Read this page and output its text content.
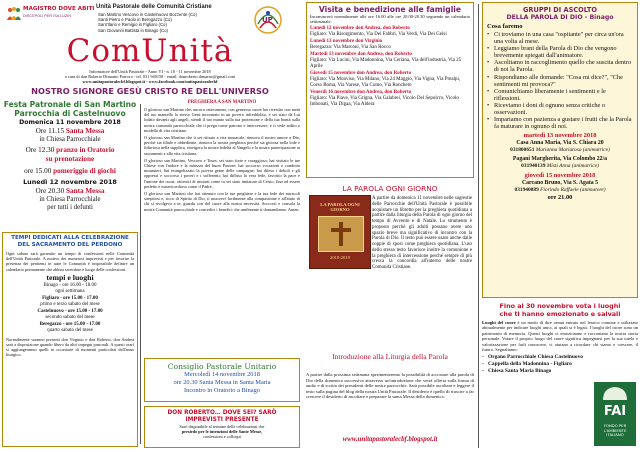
MAGISTRO DOVE ABITI
DISCEPOLI PER ISA LUZIN
Unità Pastorale delle Comunità Cristiane
San Martino Vescovo in Castelnuovo Bozzente (Co)
Santi Pietro e Paolo in Beregazzo (Co)
Sant'Ilario e Remigio in Figliaro (Co)
San Giovanni Battista in Binago (Co)
UP
ComUnità
Informatore dell'Unità Pastorale - Anno VI - n. 10 - 11 novembre 2018
a cura di don Roberto Dimarno Parroco - tel. 031 940158 - email: donroberto.dimarno@gmail.com
www.unitapastoralecbf.blogspot.it - www.facebook.com/unitapastoralecbf
NOSTRO SIGNORE GESÙ CRISTO RE DELL'UNIVERSO
Festa Patronale di San Martino
Parrocchia di Castelnuovo
Domenica 11 novembre 2018
Ore 11.15 Santa Messa
in Chiesa Parrocchiale
Ore 12.30 pranzo in Oratorio
su prenotazione
ore 15.00 pomeriggio di giochi
Lunedì 12 novembre 2018
Ore 20.30 Santa Messa
in Chiesa Parrocchiale
per tutti i defunti
TEMPI DEDICATI ALLA CELEBRAZIONE DEL SACRAMENTO DEL PERDONO

Ogni sabato sarà garantito un tempo di confessioni nelle Comunità dell'Unità Pastorale. A motivo dei numerosi imprevisti e per favorire la presenza dei penitenti in tutte le Comunità è impossibile definire un calendario permanente che abbini sacerdote e luogo delle confessioni.

tempi e luoghi
Binago - ore 16.00 - 18.00
ogni settimana
Figliaro - ore 15.00 - 17.00
primo e terzo sabato del mese
Castelnuovo - ore 15.00 - 17.00
secondo sabato del mese
Beregazzo - ore 15.00 - 17.00
quarto sabato del mese

Normalmente saranno presenti don Virginio e don Roberto, don Andrea sarà a disposizione quando libero da altri impegni pastorali. A questi orari si aggiungeranno quelli in occasione di momenti particolari dell'anno liturgico.

PREGHIERA A SAN MARTINO

O glorioso san Martino che, ancora catecumeno, con generoso cuore hai rivestito con metà del tuo mantello lo stesso Gesù incontrato in un povero infreddolito, e sei stato da Lui lodato davanti agli angeli, stendi il tuo manto sulla tua protezione e della tua bontà sulla nostra comunità parrocchiale che ti prega come patrono e intercessore, e ti vede ardito e modello di vita cristiana.

O glorioso san Martino che ti sei ritirato a vita monacale, rinnova il nostro amore a Dio, perché sia filiale e obbediente, rinnova la nostra preghiera perché sia gioiosa nella lode e fiduciosa nella supplica, rinvigora la nostra fedeltà al Vangelo e la nostra partecipazione ai sacramenti e alla vita cristiana.

O glorioso san Martino, Vescovo e Tours, sei stato forte e coraggioso; hai visitato le tue Chiese con l'ardore e la mitezza del buon Pastore; hai soccorso vocazioni e condotto monasteri, hai evangelizzato la povera gente delle campagne; hai difeso i deboli e gli oppressi e soccorso i poveri e i sofferenti; hai diffuso la vera fede, favorito la pace e l'unione dei cuori; ottienici di imitarti come tu sei stato imitatore di Cristo, fino ad essere perfetto e misericordioso come il Padre.

O glorioso san Martino che hai ottenuto con le tue preghiere e la tua fede dei miracoli strepitosi e, ricco di Spirito di Dio, ti muovevi facilmente alla compassione e all'aiuto di chi si rivolgeva a te, guarda con dol cuore alla nostra necessità. Soccorri e consola la nostra Comunità parrocchiale e concedici i benefici che umilmente ti domandiamo. Amen.

Consiglio Pastorale Unitario
Mercoledì 14 novembre 2018
ore 20.30 Santa Messa in Santa Maria
Incontro in Oratorio a Binago
DON ROBERTO… DOVE SEI? SARÒ
IMPREVISTI PRESENTE
Sarò disponibile al termine delle celebrazioni che
presiedo per le intenzioni delle Sante Messe,
confessioni e colloqui
Visita e benedizione alle famiglie

Incomincerò normalmente alle ore 16.00 alle ore 20.00-20.30 seguendo un calendario settimanale.

Lunedì 12 novembre don Andrea, don Roberto
Figliaro: Via Risorgimento, Via Dei Fabbri, Via Verdi, Via Dei Gelsi
Lunedì 13 novembre don Virginio
Beregazzo: Via Marconi, Via San Rocco
Martedì 13 novembre don Andrea, don Roberto
Figliaro: Via Lucini, Via Madonnina, Via Ceriana, Via dell'industria, Via 25 Aprile
Giovedì 15 novembre don Andrea, don Roberto
Figliaro: Via Monviso, Via Milano, Via 24 Maggio, Via Vigna, Via Prealpi, Corso Roma, Via Varese, Via Como, Via Roncheto
Venerdì 16 novembre don Andrea, don Roberto
Figliaro: Via Piave, Via Grigna, Via Galabrei, Vicolo Del Sepolcro, Vicolo Imbonati, Via Digaa, Via Aldera
LA PAROLA OGNI GIORNO
LA PAROLA OGNI GIORNO
2018-2019

A partire da domenica 11 novembre nelle sagrestie delle Parrocchie dell'Unità Pastorale è possibile acquistare un libretto per la preghiera quotidiana a partire dalla liturgia della Parola di ogni giorno del tempo di Avvento e di Natale. Lo strumento è proposto perché gli adulti possano avere uno spazio breve ma significativo di incontro con la Parola di Dio. Il testo può essere usato anche dalle coppie di sposi come preghiera quotidiana. L'uso dello stesso testo favorisce inoltre la comunione e la preghiera di intercessione perché sempre di più cresca la concordia all'interno delle nostre Comunità Cristiane.

Introduzione alla Liturgia della Parola

A partire dalla prossima settimana sperimenteremo la possibilità di accostare alla parola di Dio della domenica successiva attraverso un'introduzione che verrà offerta sulla forma di audio e di scritto dei presidenti delle nostre parrocchie. Sarà possibile ascoltare e leggere il testo sulla pagina del blog della nostra Unità Pastorale. Il desiderio è quello di riuscire a far crescere il desiderio di ascoltare e preparare la santa Messa della domenica.

www.unitapastoralecbf.blogspot.it
GRUPPI DI ASCOLTO
DELLA PAROLA DI DIO - Binago
Cosa faremo
• Ci troviamo in una casa "ospitante" per circa un'ora una volta al mese.
• Leggiamo brani della Parola di Dio che vengono brevemente spiegati dall'animatore.
• Ascoltiamo in raccoglimento quello che suscita dentro di noi la Parola.
• Rispondiamo alle domande: "Cosa mi dice?", "Che sentimenti mi provoca?"
• Comunichiamo liberamente i sentimenti e le riflessioni.
• Riceviamo i doni di ognuno senza critiche o osservazioni.
• Impariamo con pazienza a gustare i frutti che la Parola fa maturare in ognuno di noi.
martedì 13 novembre 2018
Casa Anna Maria, Via S. Chiara 20
031800651 Marianna Mariarosa (animatrice)
Pagani Margherita, Via Colombo 22/a
031940139 Misti Anna (animatrice)
giovedì 15 novembre 2018
Carcano Bruno, Via S. Agata 5
031940889 Fiorindo Raffaele (animatore)
ore 21.00
Fino al 30 novembre vota i luoghi
che ti hanno emozionato e salvali

Luoghi del cuore è un modo di dire ormai entrato nel lessico comune e utilizzato abitualmente per indicare luoghi unici, ai quali si è legati. I luoghi del cuore sono un patrimonio di memoria. Questi luoghi ci emozionano e raccontano la nostra storia personale. Votare il proprio luogo del cuore significa impegnarsi per la sua tutela e valorizzazione per farli conoscere, ci aiutano a ricordare chi siamo e crescere, il futuro. Segnaliamo:

- Organo Parrocchiale Chiesa Castelnuovo
- Cappella della Madonnina - Figliaro
- Chiesa Santa Maria Binago
FAI
FONDO PER L'AMBIENTE ITALIANO
